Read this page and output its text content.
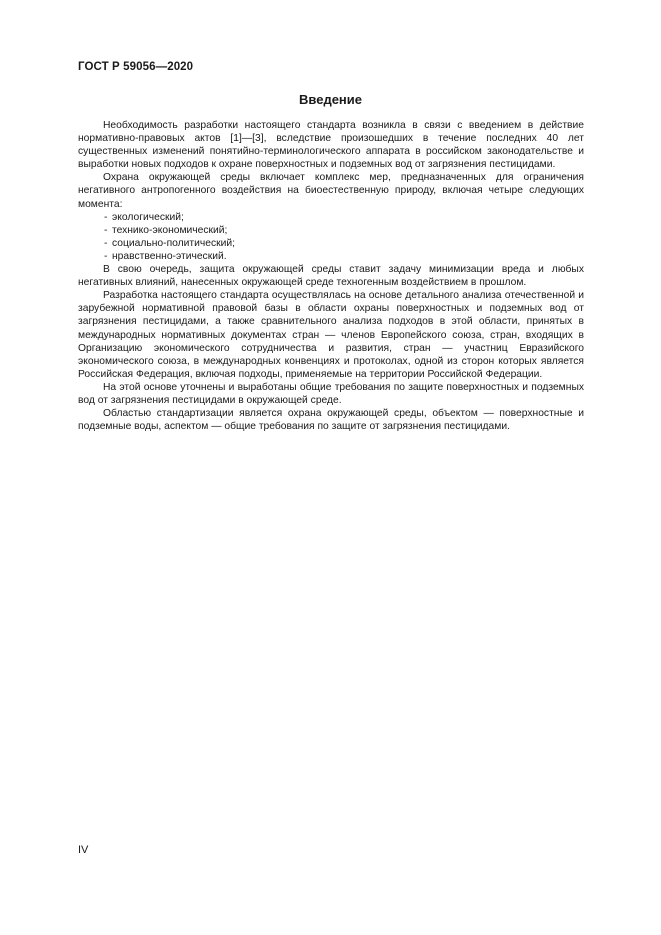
ГОСТ Р 59056—2020
Введение

Необходимость разработки настоящего стандарта возникла в связи с введением в действие нормативно-правовых актов [1]—[3], вследствие произошедших в течение последних 40 лет существенных изменений понятийно-терминологического аппарата в российском законодательстве и выработки новых подходов к охране поверхностных и подземных вод от загрязнения пестицидами.

Охрана окружающей среды включает комплекс мер, предназначенных для ограничения негативного антропогенного воздействия на биоестественную природу, включая четыре следующих момента:

- экологический;
- технико-экономический;
- социально-политический;
- нравственно-этический.

В свою очередь, защита окружающей среды ставит задачу минимизации вреда и любых негативных влияний, нанесенных окружающей среде техногенным воздействием в прошлом.

Разработка настоящего стандарта осуществлялась на основе детального анализа отечественной и зарубежной нормативной правовой базы в области охраны поверхностных и подземных вод от загрязнения пестицидами, а также сравнительного анализа подходов в этой области, принятых в международных нормативных документах стран — членов Европейского союза, стран, входящих в Организацию экономического сотрудничества и развития, стран — участниц Евразийского экономического союза, в международных конвенциях и протоколах, одной из сторон которых является Российская Федерация, включая подходы, применяемые на территории Российской Федерации.

На этой основе уточнены и выработаны общие требования по защите поверхностных и подземных вод от загрязнения пестицидами в окружающей среде.

Областью стандартизации является охрана окружающей среды, объектом — поверхностные и подземные воды, аспектом — общие требования по защите от загрязнения пестицидами.

IV
